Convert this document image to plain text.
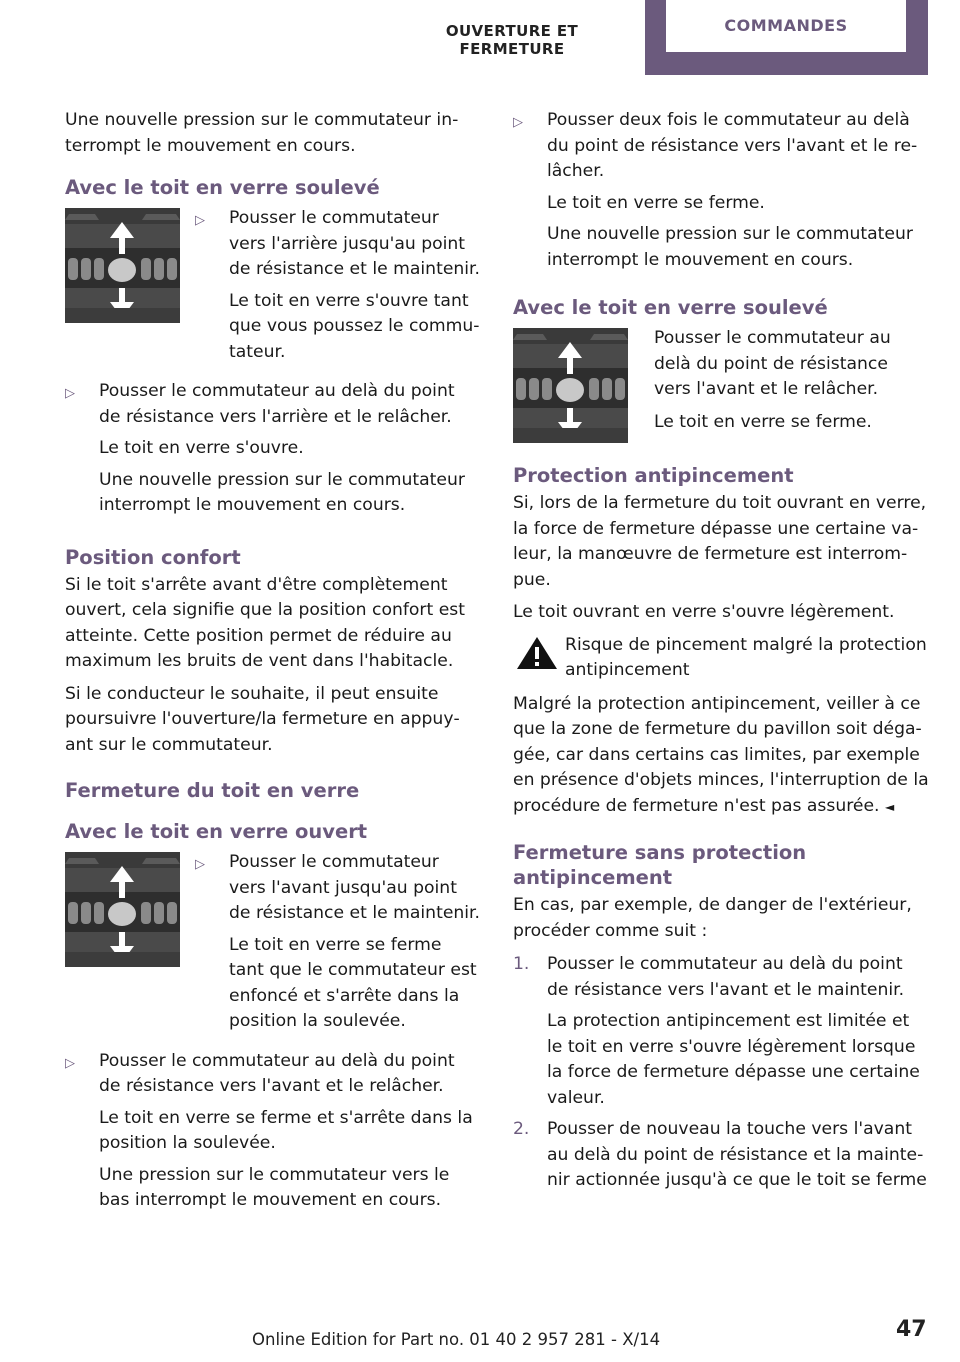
OUVERTURE ET FERMETURE
COMMANDES

Une nouvelle pression sur le commutateur interrompt le mouvement en cours.

Avec le toit en verre soulevé
▷	Pousser le commutateur vers l'arrière jusqu'au point de résistance et le maintenir.

Le toit en verre s'ouvre tant que vous poussez le commutateur.

▷	Pousser le commutateur au delà du point de résistance vers l'arrière et le relâcher.

Le toit en verre s'ouvre.

Une nouvelle pression sur le commutateur interrompt le mouvement en cours.

Position confort

Si le toit s'arrête avant d'être complètement ouvert, cela signifie que la position confort est atteinte. Cette position permet de réduire au maximum les bruits de vent dans l'habitacle.

Si le conducteur le souhaite, il peut ensuite poursuivre l'ouverture/la fermeture en appuyant sur le commutateur.

Fermeture du toit en verre
Avec le toit en verre ouvert
▷	Pousser le commutateur vers l'avant jusqu'au point de résistance et le maintenir.

Le toit en verre se ferme tant que le commutateur est enfoncé et s'arrête dans la position la soulevée.

▷	Pousser le commutateur au delà du point de résistance vers l'avant et le relâcher.

Le toit en verre se ferme et s'arrête dans la position la soulevée.

Une pression sur le commutateur vers le bas interrompt le mouvement en cours.

▷	Pousser deux fois le commutateur au delà du point de résistance vers l'avant et le relâcher.

Le toit en verre se ferme.

Une nouvelle pression sur le commutateur interrompt le mouvement en cours.

Avec le toit en verre soulevé

Pousser le commutateur au delà du point de résistance vers l'avant et le relâcher.

Le toit en verre se ferme.

Protection antipincement

Si, lors de la fermeture du toit ouvrant en verre, la force de fermeture dépasse une certaine valeur, la manœuvre de fermeture est interrompue.

Le toit ouvrant en verre s'ouvre légèrement.

Risque de pincement malgré la protection antipincement

Malgré la protection antipincement, veiller à ce que la zone de fermeture du pavillon soit dégagée, car dans certains cas limites, par exemple en présence d'objets minces, l'interruption de la procédure de fermeture n'est pas assurée. ◄

Fermeture sans protection antipincement

En cas, par exemple, de danger de l'extérieur, procéder comme suit :

1.	Pousser le commutateur au delà du point de résistance vers l'avant et le maintenir.

La protection antipincement est limitée et le toit en verre s'ouvre légèrement lorsque la force de fermeture dépasse une certaine valeur.

2.	Pousser de nouveau la touche vers l'avant au delà du point de résistance et la maintenir actionnée jusqu'à ce que le toit se ferme

Online Edition for Part no. 01 40 2 957 281 - X/14	47
